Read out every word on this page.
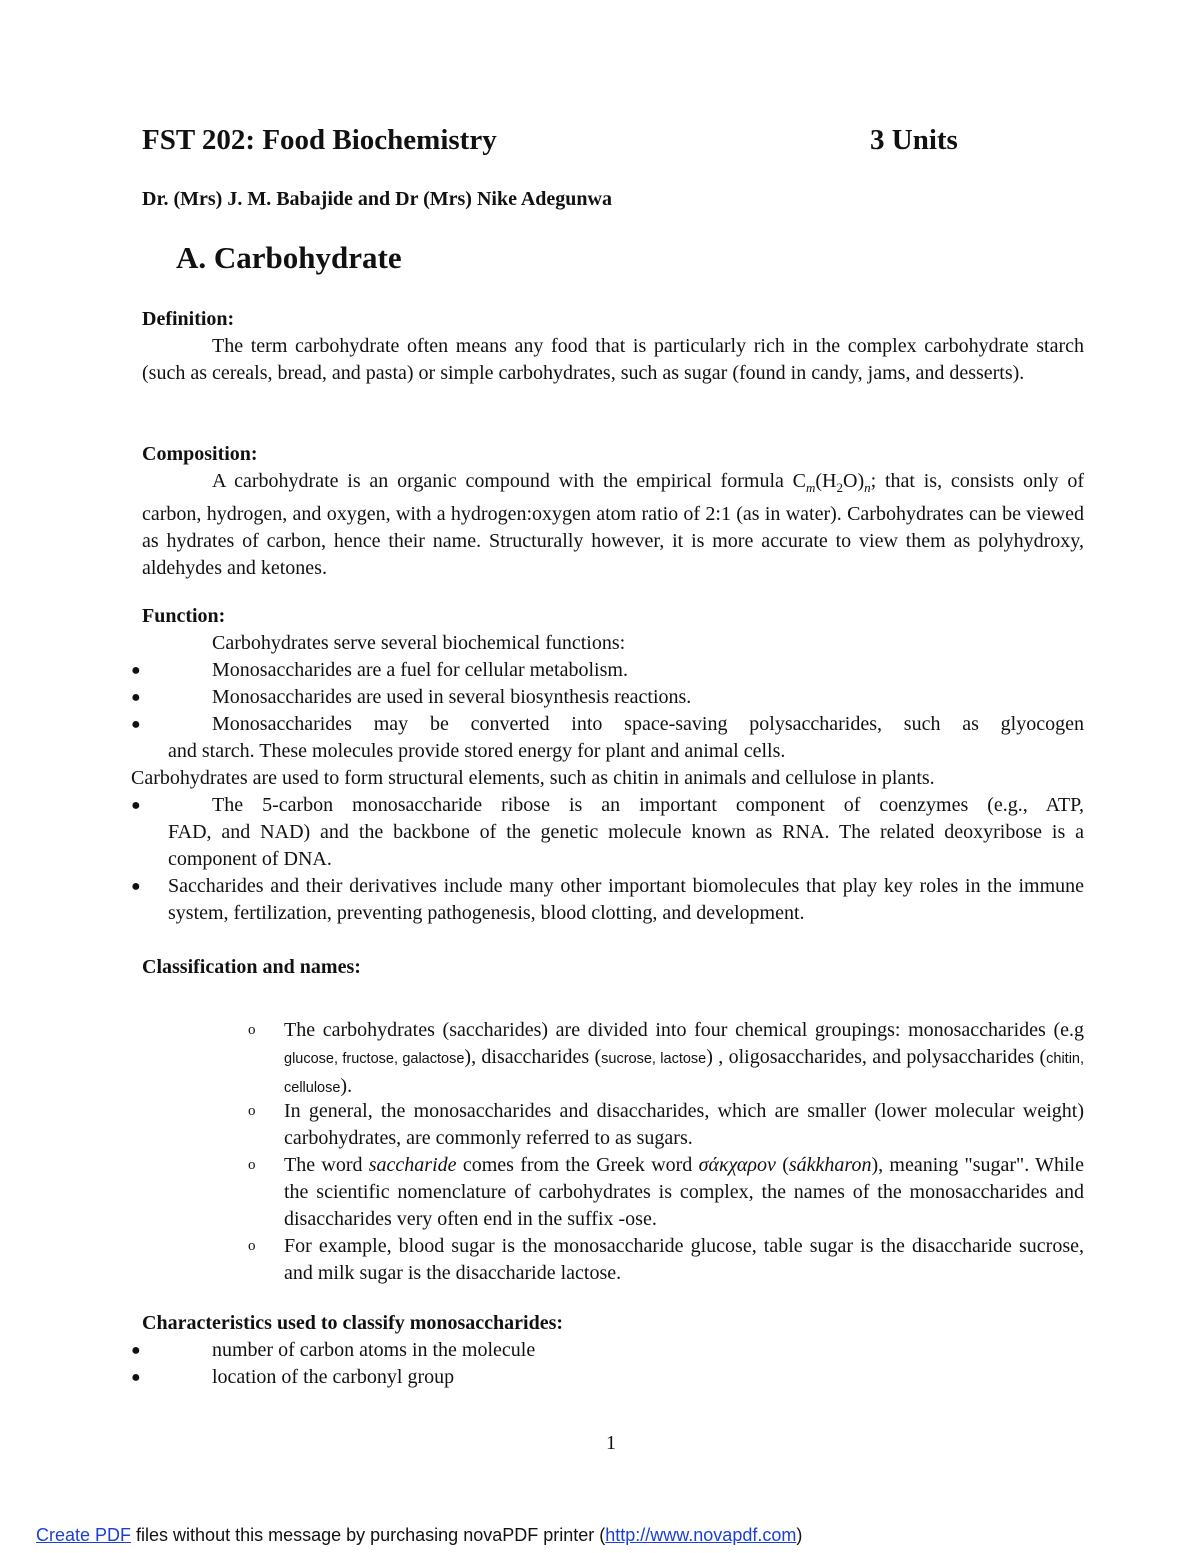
FST 202: Food Biochemistry	3 Units
Dr. (Mrs) J. M. Babajide and Dr (Mrs) Nike Adegunwa
A. Carbohydrate
Definition:
The term carbohydrate often means any food that is particularly rich in the complex carbohydrate starch (such as cereals, bread, and pasta) or simple carbohydrates, such as sugar (found in candy, jams, and desserts).
Composition:
A carbohydrate is an organic compound with the empirical formula $C_m(H_2O)_n$; that is, consists only of carbon, hydrogen, and oxygen, with a hydrogen:oxygen atom ratio of 2:1 (as in water). Carbohydrates can be viewed as hydrates of carbon, hence their name. Structurally however, it is more accurate to view them as polyhydroxy, aldehydes and ketones.
Function:
Carbohydrates serve several biochemical functions:
●	Monosaccharides are a fuel for cellular metabolism.
●	Monosaccharides are used in several biosynthesis reactions.
●	Monosaccharides may be converted into space-saving polysaccharides, such as glyocogen
and starch. These molecules provide stored energy for plant and animal cells.
Carbohydrates are used to form structural elements, such as chitin in animals and cellulose in plants.
●	The 5-carbon monosaccharide ribose is an important component of coenzymes (e.g., ATP,
FAD, and NAD) and the backbone of the genetic molecule known as RNA. The related deoxyribose is a component of DNA.
● Saccharides and their derivatives include many other important biomolecules that play key roles in the immune system, fertilization, preventing pathogenesis, blood clotting, and development.
Classification and names:
o The carbohydrates (saccharides) are divided into four chemical groupings: monosaccharides (e.g glucose, fructose, galactose), disaccharides (sucrose, lactose) , oligosaccharides, and polysaccharides (chitin, cellulose).
o In general, the monosaccharides and disaccharides, which are smaller (lower molecular weight) carbohydrates, are commonly referred to as sugars.
o The word saccharide comes from the Greek word σάκχαρον (sákkharon), meaning "sugar". While the scientific nomenclature of carbohydrates is complex, the names of the monosaccharides and disaccharides very often end in the suffix -ose.
o For example, blood sugar is the monosaccharide glucose, table sugar is the disaccharide sucrose, and milk sugar is the disaccharide lactose.
Characteristics used to classify monosaccharides:
●	number of carbon atoms in the molecule
●	location of the carbonyl group
1
Create PDF files without this message by purchasing novaPDF printer (http://www.novapdf.com)
